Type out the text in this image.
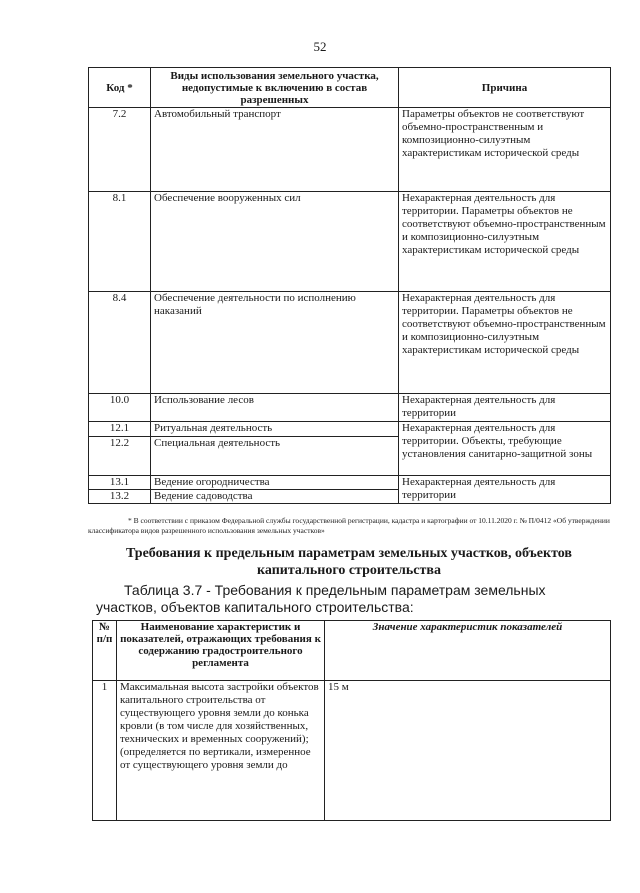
52
Код *	Виды использования земельного участка, недопустимые к включению в состав разрешенных	Причина
7.2	Автомобильный транспорт	Параметры объектов не соответствуют объемно-пространственным и композиционно-силуэтным характеристикам исторической среды
8.1	Обеспечение вооруженных сил	Нехарактерная деятельность для территории. Параметры объектов не соответствуют объемно-пространственным и композиционно-силуэтным характеристикам исторической среды
8.4	Обеспечение деятельности по исполнению наказаний	Нехарактерная деятельность для территории. Параметры объектов не соответствуют объемно-пространственным и композиционно-силуэтным характеристикам исторической среды
10.0	Использование лесов	Нехарактерная деятельность для территории
12.1	Ритуальная деятельность	Нехарактерная деятельность для территории. Объекты, требующие установления санитарно-защитной зоны
12.2	Специальная деятельность	
13.1	Ведение огородничества	Нехарактерная деятельность для территории
13.2	Ведение садоводства	
* В соответствии с приказом Федеральной службы государственной регистрации, кадастра и картографии от 10.11.2020 г. № П/0412 «Об утверждении классификатора видов разрешенного использования земельных участков»
Требования к предельным параметрам земельных участков, объектов капитального строительства
Таблица 3.7 - Требования к предельным параметрам земельных участков, объектов капитального строительства:
№ п/п	Наименование характеристик и показателей, отражающих требования к содержанию градостроительного регламента	Значение характеристик показателей
1	Максимальная высота застройки объектов капитального строительства от существующего уровня земли до конька кровли (в том числе для хозяйственных, технических и временных сооружений); (определяется по вертикали, измеренное от существующего уровня земли до	15 м
